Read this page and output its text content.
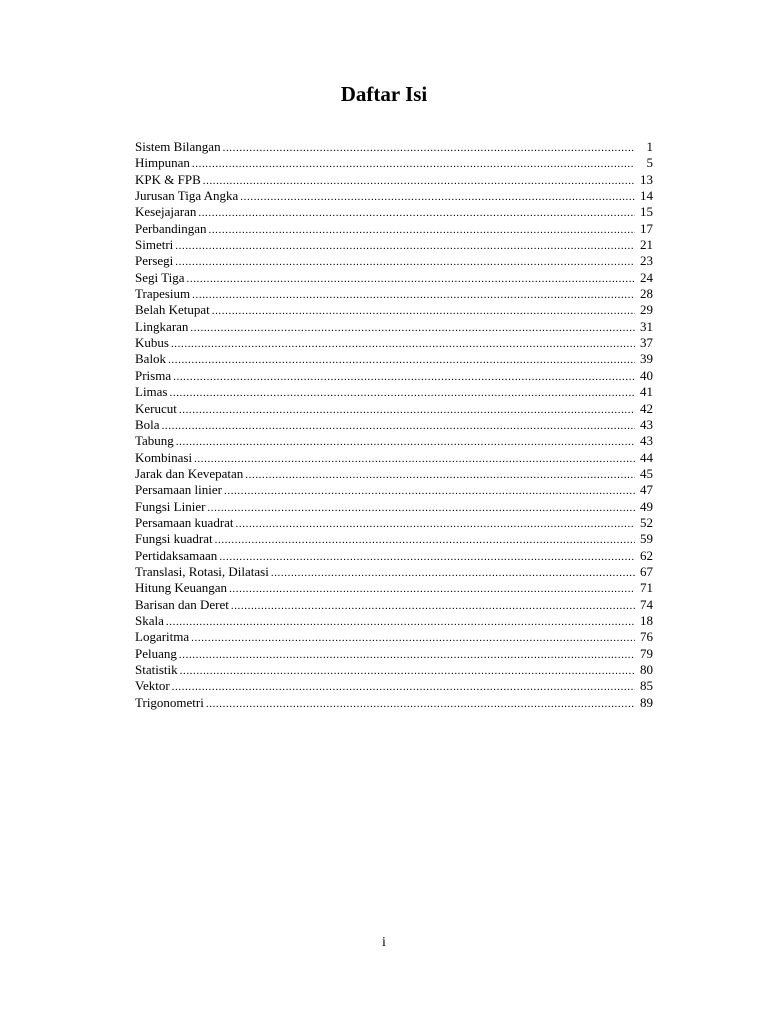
Daftar Isi
Sistem Bilangan .....	1
Himpunan .....	5
KPK & FPB .....	13
Jurusan Tiga Angka .....	14
Kesejajaran .....	15
Perbandingan .....	17
Simetri .....	21
Persegi .....	23
Segi Tiga .....	24
Trapesium .....	28
Belah Ketupat .....	29
Lingkaran .....	31
Kubus .....	37
Balok .....	39
Prisma .....	40
Limas .....	41
Kerucut .....	42
Bola .....	43
Tabung .....	43
Kombinasi .....	44
Jarak dan Kevepatan .....	45
Persamaan linier .....	47
Fungsi Linier .....	49
Persamaan kuadrat .....	52
Fungsi kuadrat .....	59
Pertidaksamaan .....	62
Translasi, Rotasi, Dilatasi .....	67
Hitung Keuangan .....	71
Barisan dan Deret .....	74
Skala .....	18
Logaritma .....	76
Peluang .....	79
Statistik .....	80
Vektor .....	85
Trigonometri .....	89
i
